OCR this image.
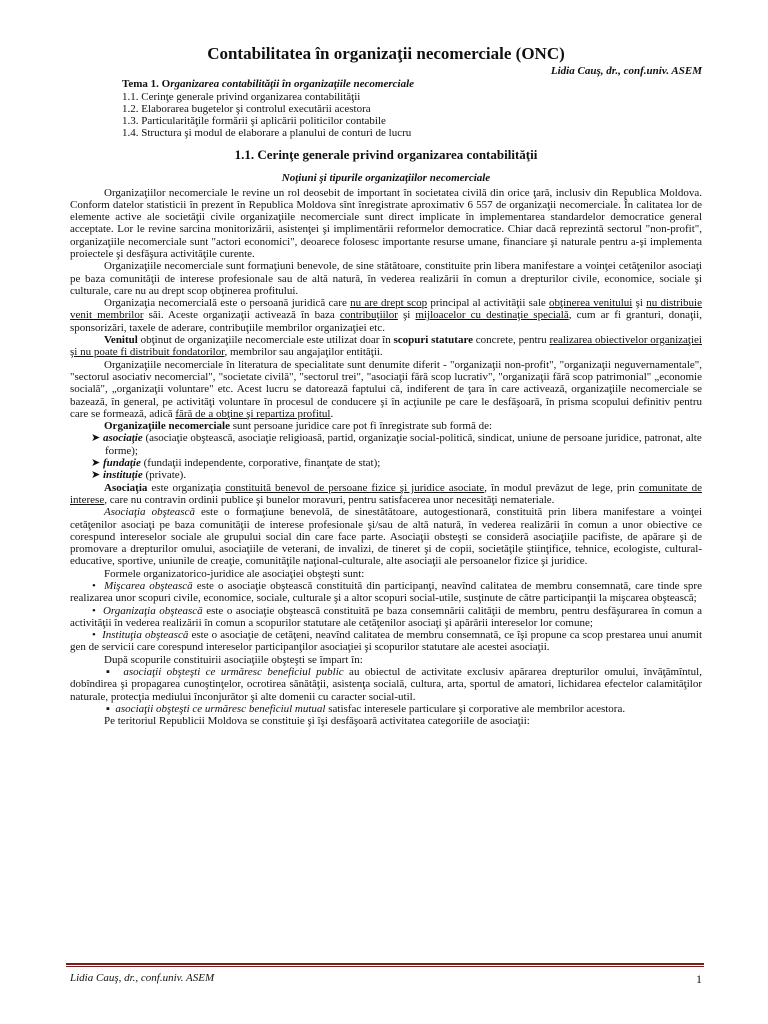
Contabilitatea în organizaţii necomerciale (ONC)
Lidia Cauş, dr., conf.univ. ASEM
Tema 1. Organizarea contabilităţii în organizaţiile necomerciale
1.1. Cerinţe generale privind organizarea contabilităţii
1.2. Elaborarea bugetelor şi controlul executării acestora
1.3. Particularităţile formării şi aplicării politicilor contabile
1.4. Structura şi modul de elaborare a planului de conturi de lucru
1.1. Cerinţe generale privind organizarea contabilităţii
Noţiuni şi tipurile organizaţiilor necomerciale

Organizaţiilor necomerciale le revine un rol deosebit de important în societatea civilă din orice ţară, inclusiv din Republica Moldova. Conform datelor statisticii în prezent în Republica Moldova sînt înregistrate aproximativ 6 557 de organizaţii necomerciale. În calitatea lor de elemente active ale societăţii civile organizaţiile necomerciale sunt direct implicate în implementarea standardelor democratice general acceptate. Lor le revine sarcina monitorizării, asistenţei şi implimentării reformelor democratice. Chiar dacă reprezintă sectorul "non-profit", organizaţiile necomerciale sunt "actori economici", deoarece folosesc importante resurse umane, financiare şi naturale pentru a-şi implementa proiectele şi desfăşura activităţile curente.

Organizaţiile necomerciale sunt formaţiuni benevole, de sine stătătoare, constituite prin libera manifestare a voinţei cetăţenilor asociaţi pe baza comunităţii de interese profesionale sau de altă natură, în vederea realizării în comun a drepturilor civile, economice, sociale şi culturale, care nu au drept scop obţinerea profitului.

Organizaţia necomercială este o persoană juridică care nu are drept scop principal al activităţii sale obţinerea venitului şi nu distribuie venit membrilor săi. Aceste organizaţii activează în baza contribuţiilor şi mijloacelor cu destinaţie specială, cum ar fi granturi, donaţii, sponsorizări, taxele de aderare, contribuţiile membrilor organizaţiei etc.

Venitul obţinut de organizaţiile necomerciale este utilizat doar în scopuri statutare concrete, pentru realizarea obiectivelor organizaţiei şi nu poate fi distribuit fondatorilor, membrilor sau angajaţilor entităţii.

Organizaţiile necomerciale în literatura de specialitate sunt denumite diferit - "organizaţii non-profit", "organizaţii neguvernamentale", "sectorul asociativ necomercial", "societate civilă", "sectorul trei", "asociaţii fără scop lucrativ", "organizaţii fără scop patrimonial" „economie socială", „organizaţii voluntare" etc. Acest lucru se datorează faptului că, indiferent de ţara în care activează, organizaţiile necomerciale se bazează, în general, pe activităţi voluntare în procesul de conducere şi în acţiunile pe care le desfăşoară, în prisma scopului definitiv pentru care se formează, adică fără de a obţine şi repartiza profitul.

Organizaţiile necomerciale sunt persoane juridice care pot fi înregistrate sub formă de:

➤ asociaţie (asociaţie obştească, asociaţie religioasă, partid, organizaţie social-politică, sindicat, uniune de persoane juridice, patronat, alte forme);
➤ fundaţie (fundaţii independente, corporative, finanţate de stat);
➤ instituţie (private).

Asociaţia este organizaţia constituită benevol de persoane fizice şi juridice asociate, în modul prevăzut de lege, prin comunitate de interese, care nu contravin ordinii publice şi bunelor moravuri, pentru satisfacerea unor necesităţi nemateriale.

Asociaţia obştească este o formaţiune benevolă, de sinestătătoare, autogestionară, constituită prin libera manifestare a voinţei cetăţenilor asociaţi pe baza comunităţii de interese profesionale şi/sau de altă natură, în vederea realizării în comun a unor obiective ce corespund intereselor sociale ale grupului social din care face parte. Asociaţii obsteşti se consideră asociaţiile pacifiste, de apărare şi de promovare a drepturilor omului, asociaţiile de veterani, de invalizi, de tineret şi de copii, societăţile ştiinţifice, tehnice, ecologiste, cultural-educative, sportive, uniunile de creaţie, comunităţile naţional-culturale, alte asociaţii ale persoanelor fizice şi juridice.

Formele organizatorico-juridice ale asociaţiei obşteşti sunt:

•  Mişcarea obştească este o asociaţie obştească constituită din participanţi, neavînd calitatea de membru consemnată, care tinde spre realizarea unor scopuri civile, economice, sociale, culturale şi a altor scopuri social-utile, susţinute de către participanţii la mişcarea obştească;
•  Organizaţia obştească este o asociaţie obştească constituită pe baza consemnării calităţii de membru, pentru desfăşurarea în comun a activităţii în vederea realizării în comun a scopurilor statutare ale cetăţenilor asociaţi şi apărării intereselor lor comune;
•  Instituţia obştească este o asociaţie de cetăţeni, neavînd calitatea de membru consemnată, ce îşi propune ca scop prestarea unui anumit gen de servicii care corespund intereselor participanţilor asociaţiei şi scopurilor statutare ale acestei asociaţii.

După scopurile constituirii asociaţiile obşteşti se împart în:

▪  asociaţii obşteşti ce urmăresc beneficiul public au obiectul de activitate exclusiv apărarea drepturilor omului, învăţămîntul, dobîndirea şi propagarea cunoştinţelor, ocrotirea sănătăţii, asistenţa socială, cultura, arta, sportul de amatori, lichidarea efectelor calamităţilor naturale, protecţia mediului înconjurător şi alte domenii cu caracter social-util.
▪  asociaţii obşteşti ce urmăresc beneficiul mutual satisfac interesele particulare şi corporative ale membrilor acestora.

Pe teritoriul Republicii Moldova se constituie şi îşi desfăşoară activitatea categoriile de asociaţii:

Lidia Cauş, dr., conf.univ. ASEM	1
